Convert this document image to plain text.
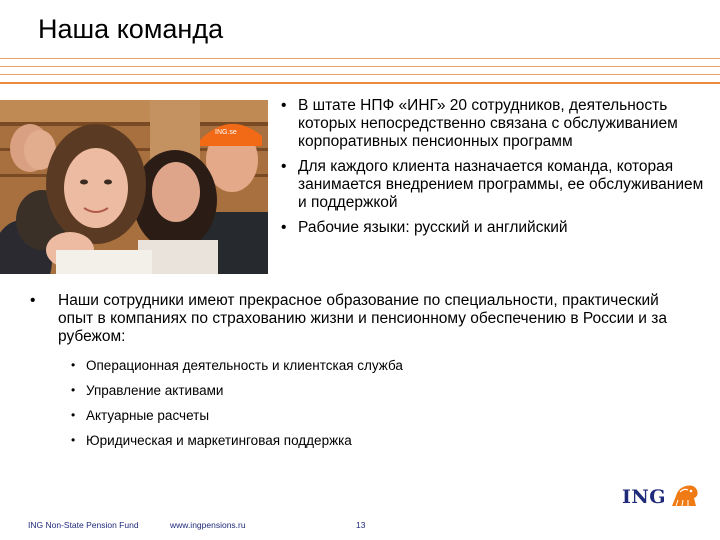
Наша команда
ING.se
• В штате НПФ «ИНГ» 20 сотрудников, деятельность которых непосредственно связана с обслуживанием корпоративных пенсионных программ
• Для каждого клиента назначается команда, которая занимается внедрением программы, ее обслуживанием и поддержкой
• Рабочие языки: русский и английский
• Наши сотрудники имеют прекрасное образование по специальности, практический опыт в компаниях по страхованию жизни и пенсионному обеспечению в России и за рубежом:
• Операционная деятельность и клиентская служба
• Управление активами
• Актуарные расчеты
• Юридическая и маркетинговая поддержка
ING
ING Non-State Pension Fund	www.ingpensions.ru	13
